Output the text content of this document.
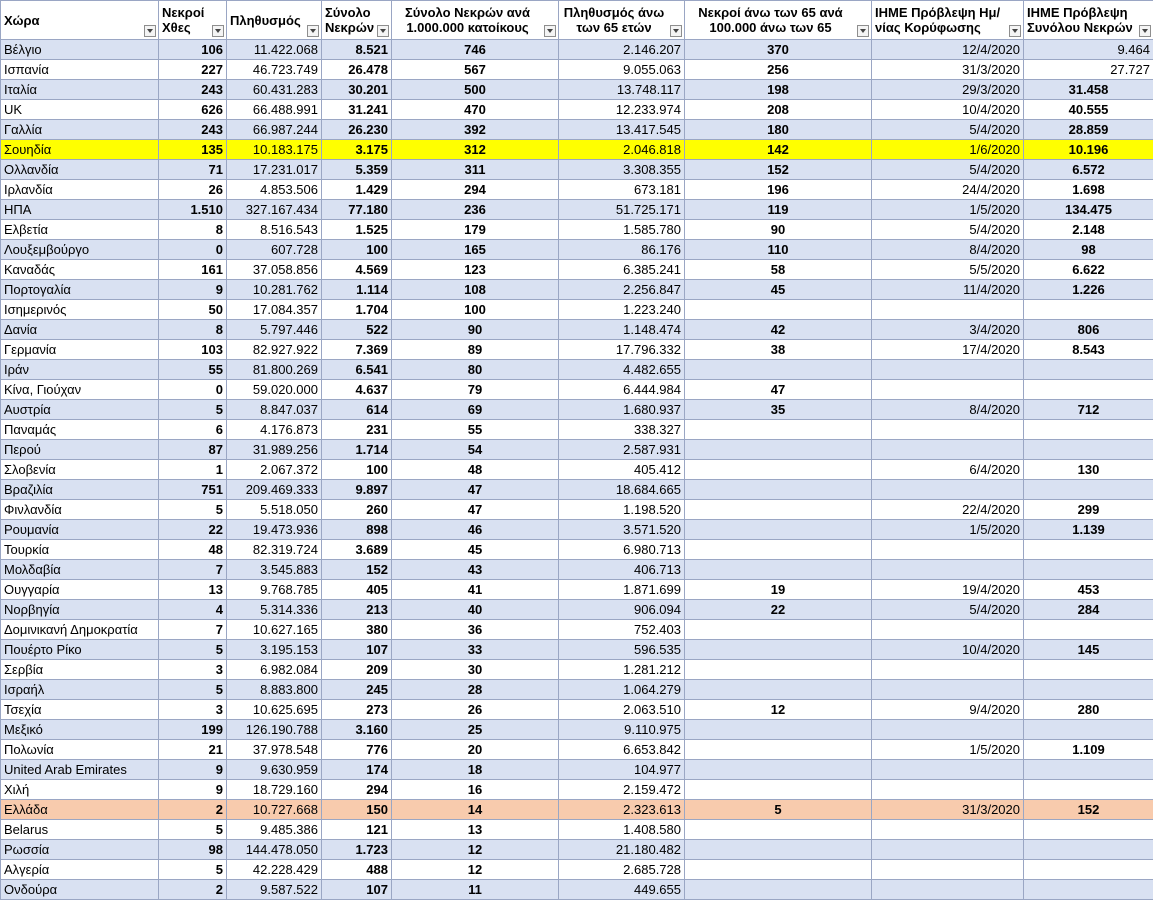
Χώρα	Νεκροί Χθες	Πληθυσμός	Σύνολο Νεκρών	Σύνολο Νεκρών ανά 1.000.000 κατοίκους	Πληθυσμός άνω των 65 ετών	Νεκροί άνω των 65 ανά 100.000 άνω των 65	IHME Πρόβλεψη Ημ/νίας Κορύφωσης	IHME Πρόβλεψη Συνόλου Νεκρών

Βέλγιο	106	11.422.068	8.521	746	2.146.207	370	12/4/2020	9.464
Ισπανία	227	46.723.749	26.478	567	9.055.063	256	31/3/2020	27.727
Ιταλία	243	60.431.283	30.201	500	13.748.117	198	29/3/2020	31.458
UK	626	66.488.991	31.241	470	12.233.974	208	10/4/2020	40.555
Γαλλία	243	66.987.244	26.230	392	13.417.545	180	5/4/2020	28.859
Σουηδία	135	10.183.175	3.175	312	2.046.818	142	1/6/2020	10.196
Ολλανδία	71	17.231.017	5.359	311	3.308.355	152	5/4/2020	6.572
Ιρλανδία	26	4.853.506	1.429	294	673.181	196	24/4/2020	1.698
ΗΠΑ	1.510	327.167.434	77.180	236	51.725.171	119	1/5/2020	134.475
Ελβετία	8	8.516.543	1.525	179	1.585.780	90	5/4/2020	2.148
Λουξεμβούργο	0	607.728	100	165	86.176	110	8/4/2020	98
Καναδάς	161	37.058.856	4.569	123	6.385.241	58	5/5/2020	6.622
Πορτογαλία	9	10.281.762	1.114	108	2.256.847	45	11/4/2020	1.226
Ισημερινός	50	17.084.357	1.704	100	1.223.240			
Δανία	8	5.797.446	522	90	1.148.474	42	3/4/2020	806
Γερμανία	103	82.927.922	7.369	89	17.796.332	38	17/4/2020	8.543
Ιράν	55	81.800.269	6.541	80	4.482.655			
Κίνα, Γιούχαν	0	59.020.000	4.637	79	6.444.984	47		
Αυστρία	5	8.847.037	614	69	1.680.937	35	8/4/2020	712
Παναμάς	6	4.176.873	231	55	338.327			
Περού	87	31.989.256	1.714	54	2.587.931			
Σλοβενία	1	2.067.372	100	48	405.412		6/4/2020	130
Βραζιλία	751	209.469.333	9.897	47	18.684.665			
Φινλανδία	5	5.518.050	260	47	1.198.520		22/4/2020	299
Ρουμανία	22	19.473.936	898	46	3.571.520		1/5/2020	1.139
Τουρκία	48	82.319.724	3.689	45	6.980.713			
Μολδαβία	7	3.545.883	152	43	406.713			
Ουγγαρία	13	9.768.785	405	41	1.871.699	19	19/4/2020	453
Νορβηγία	4	5.314.336	213	40	906.094	22	5/4/2020	284
Δομινικανή Δημοκρατία	7	10.627.165	380	36	752.403			
Πουέρτο Ρίκο	5	3.195.153	107	33	596.535		10/4/2020	145
Σερβία	3	6.982.084	209	30	1.281.212			
Ισραήλ	5	8.883.800	245	28	1.064.279			
Τσεχία	3	10.625.695	273	26	2.063.510	12	9/4/2020	280
Μεξικό	199	126.190.788	3.160	25	9.110.975			
Πολωνία	21	37.978.548	776	20	6.653.842		1/5/2020	1.109
United Arab Emirates	9	9.630.959	174	18	104.977			
Χιλή	9	18.729.160	294	16	2.159.472			
Ελλάδα	2	10.727.668	150	14	2.323.613	5	31/3/2020	152
Belarus	5	9.485.386	121	13	1.408.580			
Ρωσσία	98	144.478.050	1.723	12	21.180.482			
Αλγερία	5	42.228.429	488	12	2.685.728			
Ονδούρα	2	9.587.522	107	11	449.655			
